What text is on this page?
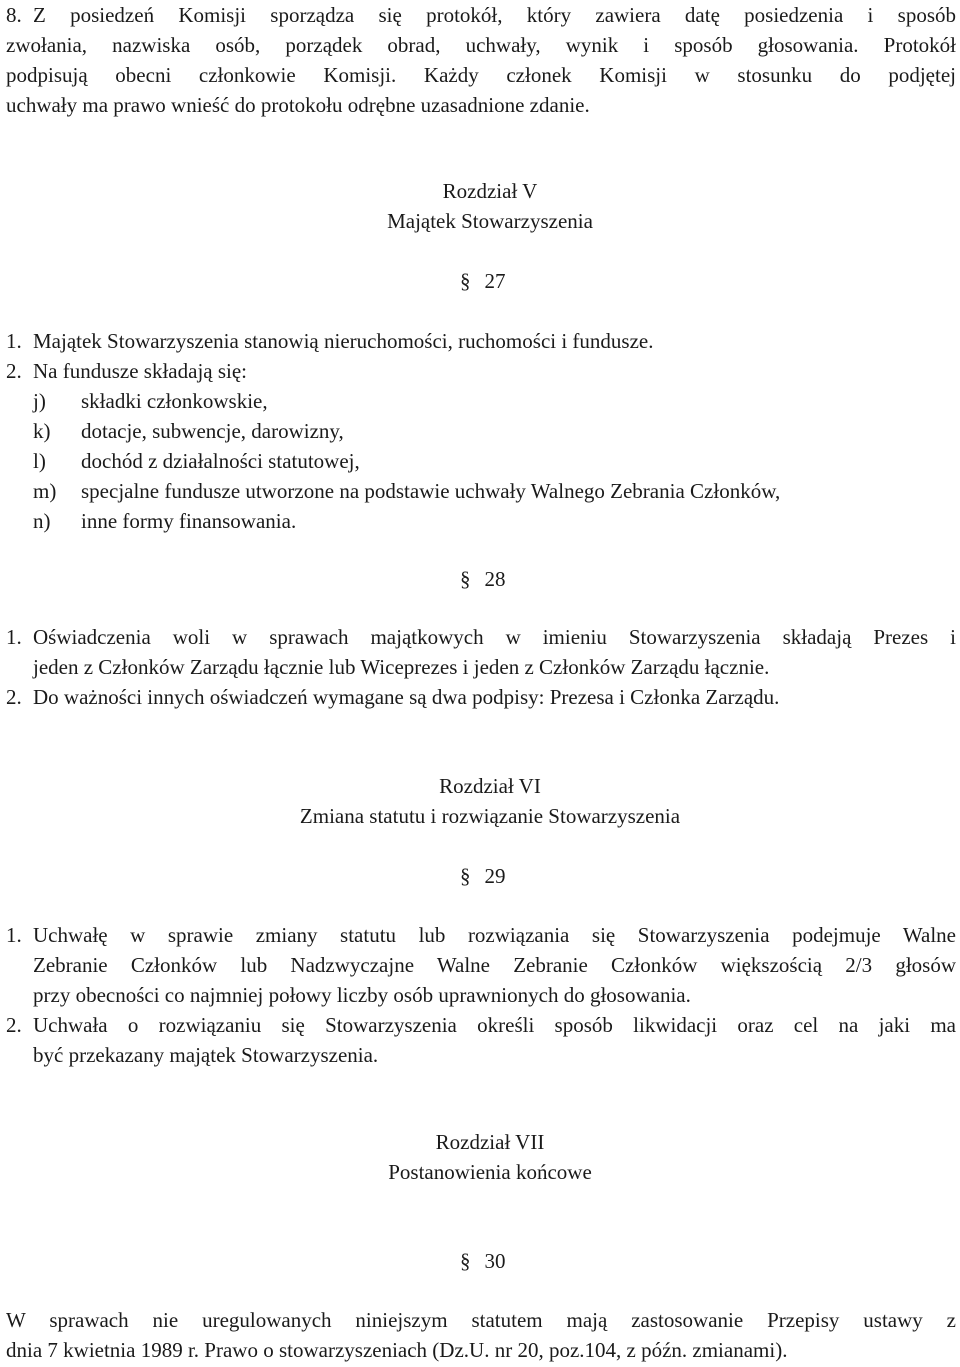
8. Z posiedzeń Komisji sporządza się protokół, który zawiera datę posiedzenia i sposób
zwołania, nazwiska osób, porządek obrad, uchwały, wynik i sposób głosowania. Protokół
podpisują obecni członkowie Komisji. Każdy członek Komisji w stosunku do podjętej
uchwały ma prawo wnieść do protokołu odrębne uzasadnione zdanie.
Rozdział V
Majątek Stowarzyszenia
§ 27
1. Majątek Stowarzyszenia stanowią nieruchomości, ruchomości i fundusze.
2. Na fundusze składają się:
j) składki członkowskie,
k) dotacje, subwencje, darowizny,
l) dochód z działalności statutowej,
m) specjalne fundusze utworzone na podstawie uchwały Walnego Zebrania Członków,
n) inne formy finansowania.
§ 28
1. Oświadczenia woli w sprawach majątkowych w imieniu Stowarzyszenia składają Prezes i
jeden z Członków Zarządu łącznie lub Wiceprezes i jeden z Członków Zarządu łącznie.
2. Do ważności innych oświadczeń wymagane są dwa podpisy: Prezesa i Członka Zarządu.
Rozdział VI
Zmiana statutu i rozwiązanie Stowarzyszenia
§ 29
1. Uchwałę w sprawie zmiany statutu lub rozwiązania się Stowarzyszenia podejmuje Walne
Zebranie Członków lub Nadzwyczajne Walne Zebranie Członków większością 2/3 głosów
przy obecności co najmniej połowy liczby osób uprawnionych do głosowania.
2. Uchwała o rozwiązaniu się Stowarzyszenia określi sposób likwidacji oraz cel na jaki ma
być przekazany majątek Stowarzyszenia.
Rozdział VII
Postanowienia końcowe
§ 30
W sprawach nie uregulowanych niniejszym statutem mają zastosowanie Przepisy ustawy z
dnia 7 kwietnia 1989 r. Prawo o stowarzyszeniach (Dz.U. nr 20, poz.104, z późn. zmianami).
